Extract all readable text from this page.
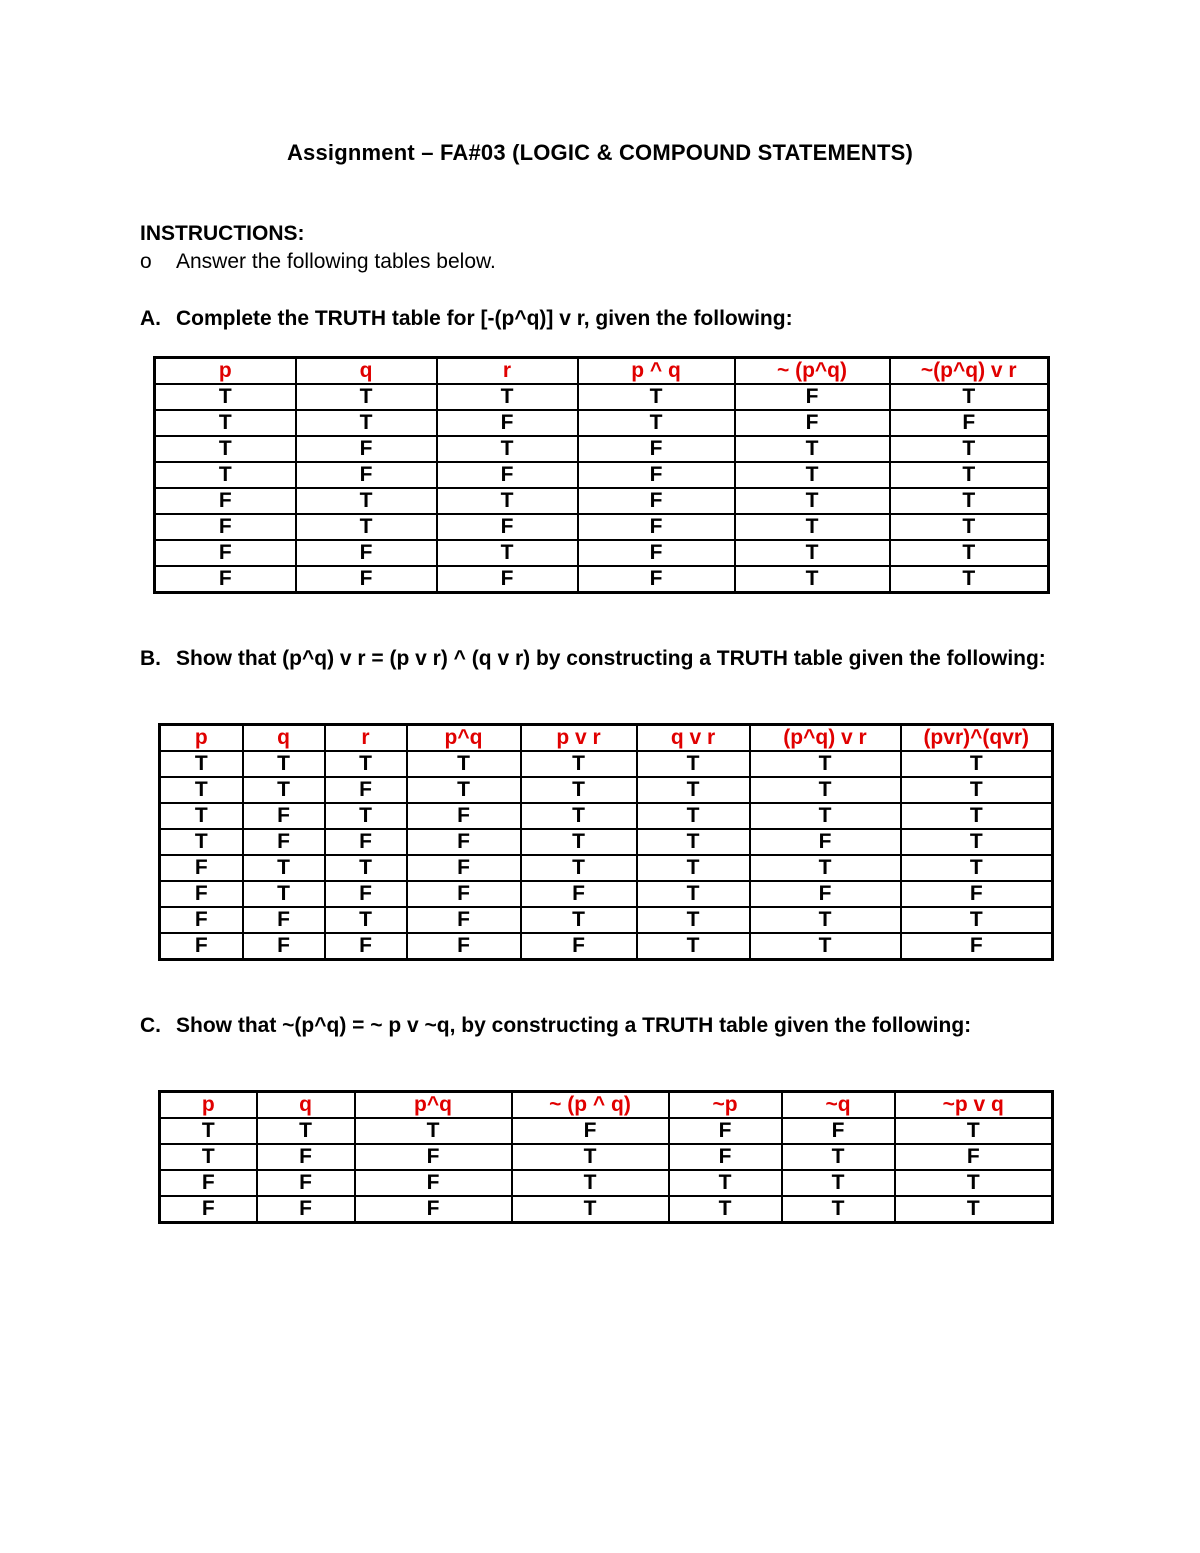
Assignment – FA#03 (LOGIC & COMPOUND STATEMENTS)
INSTRUCTIONS:
o	Answer the following tables below.
A. Complete the TRUTH table for [-(p^q)] v r, given the following:
p	q	r	p ^ q	~ (p^q)	~(p^q) v r
T	T	T	T	F	T
T	T	F	T	F	F
T	F	T	F	T	T
T	F	F	F	T	T
F	T	T	F	T	T
F	T	F	F	T	T
F	F	T	F	T	T
F	F	F	F	T	T
B. Show that (p^q) v r = (p v r) ^ (q v r) by constructing a TRUTH table given the following:
p	q	r	p^q	p v r	q v r	(p^q) v r	(pvr)^(qvr)
T	T	T	T	T	T	T	T
T	T	F	T	T	T	T	T
T	F	T	F	T	T	T	T
T	F	F	F	T	T	F	T
F	T	T	F	T	T	T	T
F	T	F	F	F	T	F	F
F	F	T	F	T	T	T	T
F	F	F	F	F	T	T	F
C. Show that ~(p^q) = ~ p v ~q, by constructing a TRUTH table given the following:
p	q	p^q	~ (p ^ q)	~p	~q	~p v q
T	T	T	F	F	F	T
T	F	F	T	F	T	F
F	F	F	T	T	T	T
F	F	F	T	T	T	T
